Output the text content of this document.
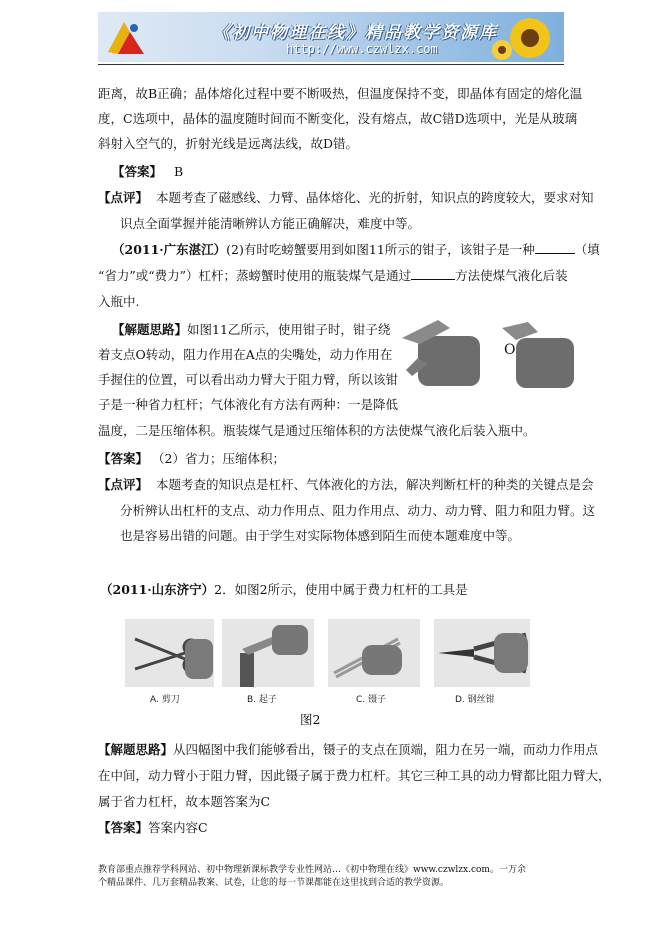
《初中物理在线》精品教学资源库
http://www.czwlzx.com
距离，故B正确；晶体熔化过程中要不断吸热，但温度保持不变，即晶体有固定的熔化温
度，C选项中，晶体的温度随时间而不断变化，没有熔点，故C错D选项中，光是从玻璃
斜射入空气的，折射光线是远离法线，故D错。
【答案】 B
【点评】 本题考查了磁感线、力臂、晶体熔化、光的折射，知识点的跨度较大，要求对知
识点全面掌握并能清晰辨认方能正确解决，难度中等。
（2011·广东湛江）(2)有时吃螃蟹要用到如图11所示的钳子，该钳子是一种	（填
“省力”或“费力”）杠杆；蒸螃蟹时使用的瓶装煤气是通过	方法使煤气液化后装
入瓶中.
【解题思路】如图11乙所示，使用钳子时，钳子绕
着支点O转动，阻力作用在A点的尖嘴处，动力作用在
手握住的位置，可以看出动力臂大于阻力臂，所以该钳
子是一种省力杠杆；气体液化有方法有两种：一是降低
温度，二是压缩体积。瓶装煤气是通过压缩体积的方法使煤气液化后装入瓶中。
O
【答案】 （2）省力；压缩体积；
【点评】 本题考查的知识点是杠杆、气体液化的方法，解决判断杠杆的种类的关键点是会
分析辨认出杠杆的支点、动力作用点、阻力作用点、动力、动力臂、阻力和阻力臂。这
也是容易出错的问题。由于学生对实际物体感到陌生而使本题难度中等。
（2011·山东济宁）2．如图2所示，使用中属于费力杠杆的工具是
A. 剪刀	B. 起子	C. 镊子	D. 钢丝钳
图2
【解题思路】从四幅图中我们能够看出，镊子的支点在顶端，阻力在另一端，而动力作用点
在中间，动力臂小于阻力臂，因此镊子属于费力杠杆。其它三种工具的动力臂都比阻力臂大，
属于省力杠杆，故本题答案为C
【答案】答案内容C
教育部重点推荐学科网站、初中物理新课标教学专业性网站…《初中物理在线》www.czwlzx.com。一万余
个精品课件、几万套精品教案、试卷，让您的每一节课都能在这里找到合适的教学资源。
